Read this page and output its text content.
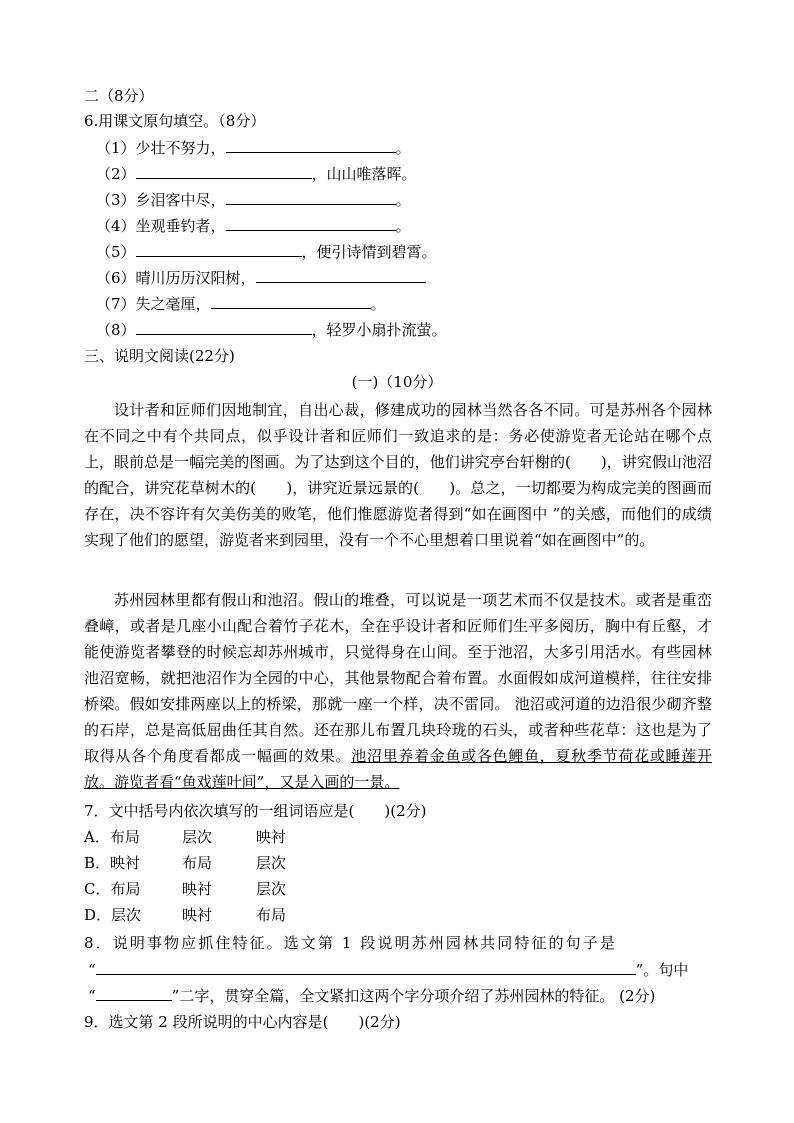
二（8分）
6.用课文原句填空。（8分）
（1）少壮不努力，	。
（2）	，山山唯落晖。
（3）乡泪客中尽，	。
（4）坐观垂钓者，	。
（5）	，便引诗情到碧霄。
（6）晴川历历汉阳树，
（7）失之毫厘，	。
（8）	，轻罗小扇扑流萤。
三、说明文阅读(22分)
(一)（10分）

设计者和匠师们因地制宜，自出心裁，修建成功的园林当然各各不同。可是苏州各个园林在不同之中有个共同点，似乎设计者和匠师们一致追求的是：务必使游览者无论站在哪个点上，眼前总是一幅完美的图画。为了达到这个目的，他们讲究亭台轩榭的(　　)，讲究假山池沼的配合，讲究花草树木的(　　)，讲究近景远景的(　　)。总之，一切都要为构成完美的图画而存在，决不容许有欠美伤美的败笔，他们惟愿游览者得到“如在画图中 ”的关感，而他们的成绩实现了他们的愿望，游览者来到园里，没有一个不心里想着口里说着“如在画图中”的。

苏州园林里都有假山和池沼。假山的堆叠，可以说是一项艺术而不仅是技术。或者是重峦叠嶂，或者是几座小山配合着竹子花木，全在乎设计者和匠师们生平多阅历，胸中有丘壑，才能使游览者攀登的时候忘却苏州城市，只觉得身在山间。至于池沼，大多引用活水。有些园林池沼宽畅，就把池沼作为全园的中心，其他景物配合着布置。水面假如成河道模样，往往安排桥梁。假如安排两座以上的桥梁，那就一座一个样，决不雷同。 池沼或河道的边沿很少砌齐整的石岸，总是高低屈曲任其自然。还在那儿布置几块玲珑的石头，或者种些花草：这也是为了取得从各个角度看都成一幅画的效果。池沼里养着金鱼或各色鲤鱼，夏秋季节荷花或睡莲开放。游览者看“鱼戏莲叶间”，又是入画的一景。

7．文中括号内依次填写的一组词语应是(　　)(2分)
A．布局	层次	映衬
B．映衬	布局	层次
C．布局	映衬	层次
D．层次	映衬	布局
8．说明事物应抓住特征。选文第 1 段说明苏州园林共同特征的句子是
“	”。句中
“	”二字，贯穿全篇，全文紧扣这两个字分项介绍了苏州园林的特征。 (2分)
9．选文第 2 段所说明的中心内容是(　　)(2分)
